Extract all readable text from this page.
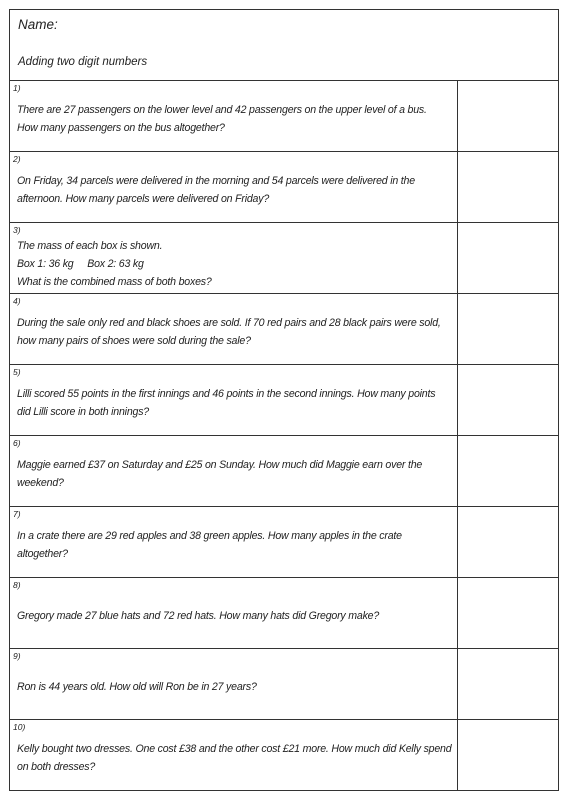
Name:
Adding two digit numbers
1)
There are 27 passengers on the lower level and 42 passengers on the upper level of a bus.
How many passengers on the bus altogether?
2)
On Friday, 34 parcels were delivered in the morning and 54 parcels were delivered in the
afternoon. How many parcels were delivered on Friday?
3)
The mass of each box is shown.
Box 1: 36 kg     Box 2: 63 kg
What is the combined mass of both boxes?
4)
During the sale only red and black shoes are sold. If 70 red pairs and 28 black pairs were sold,
how many pairs of shoes were sold during the sale?
5)
Lilli scored 55 points in the first innings and 46 points in the second innings. How many points
did Lilli score in both innings?
6)
Maggie earned £37 on Saturday and £25 on Sunday. How much did Maggie earn over the
weekend?
7)
In a crate there are 29 red apples and 38 green apples. How many apples in the crate
altogether?
8)
Gregory made 27 blue hats and 72 red hats. How many hats did Gregory make?
9)
Ron is 44 years old. How old will Ron be in 27 years?
10)
Kelly bought two dresses. One cost £38 and the other cost £21 more. How much did Kelly spend
on both dresses?
